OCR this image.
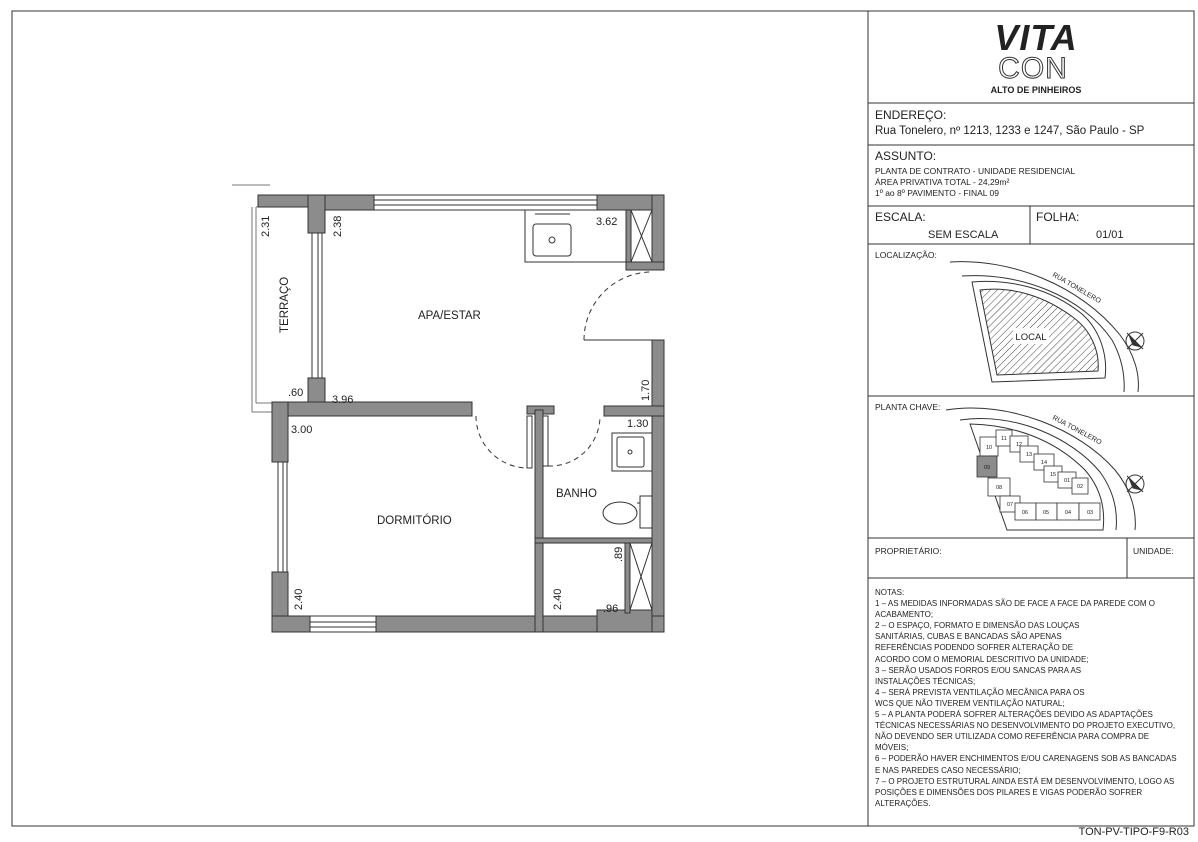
APA/ESTAR
DORMITÓRIO
BANHO
TERRAÇO
2.31	2.38	3.62
1.70
.60
3.96
3.00	1.30
.89
2.40	2.40	.96
VITA
CON
ALTO DE PINHEIROS
LOCAL
RUA TONELERO
10
11
12
13
14
09
15
01
08	02
07
06	05	04	03
RUA TONELERO
ENDEREÇO:
Rua Tonelero, nº 1213, 1233 e 1247, São Paulo - SP
ASSUNTO:
PLANTA DE CONTRATO - UNIDADE RESIDENCIAL
ÁREA PRIVATIVA TOTAL - 24,29m²
1º ao 8º PAVIMENTO - FINAL 09
ESCALA:
SEM ESCALA
FOLHA:
01/01
LOCALIZAÇÃO:
PLANTA CHAVE:
PROPRIETÁRIO:	UNIDADE:
NOTAS:
1 – AS MEDIDAS INFORMADAS SÃO DE FACE A FACE DA PAREDE COM O
ACABAMENTO;
2 – O ESPAÇO, FORMATO E DIMENSÃO DAS LOUÇAS
SANITÁRIAS, CUBAS E BANCADAS SÃO APENAS
REFERÊNCIAS PODENDO SOFRER ALTERAÇÃO DE
ACORDO COM O MEMORIAL DESCRITIVO DA UNIDADE;
3 – SERÃO USADOS FORROS E/OU SANCAS PARA AS
INSTALAÇÕES TÉCNICAS;
4 – SERÁ PREVISTA VENTILAÇÃO MECÂNICA PARA OS
WCS QUE NÃO TIVEREM VENTILAÇÃO NATURAL;
5 – A PLANTA PODERÁ SOFRER ALTERAÇÕES DEVIDO AS ADAPTAÇÕES
TÉCNICAS NECESSÁRIAS NO DESENVOLVIMENTO DO PROJETO EXECUTIVO,
NÃO DEVENDO SER UTILIZADA COMO REFERÊNCIA PARA COMPRA DE
MÓVEIS;
6 – PODERÃO HAVER ENCHIMENTOS E/OU CARENAGENS SOB AS BANCADAS
E NAS PAREDES CASO NECESSÁRIO;
7 – O PROJETO ESTRUTURAL AINDA ESTÁ EM DESENVOLVIMENTO, LOGO AS
POSIÇÕES E DIMENSÕES DOS PILARES E VIGAS PODERÃO SOFRER
ALTERAÇÕES.
TON-PV-TIPO-F9-R03
